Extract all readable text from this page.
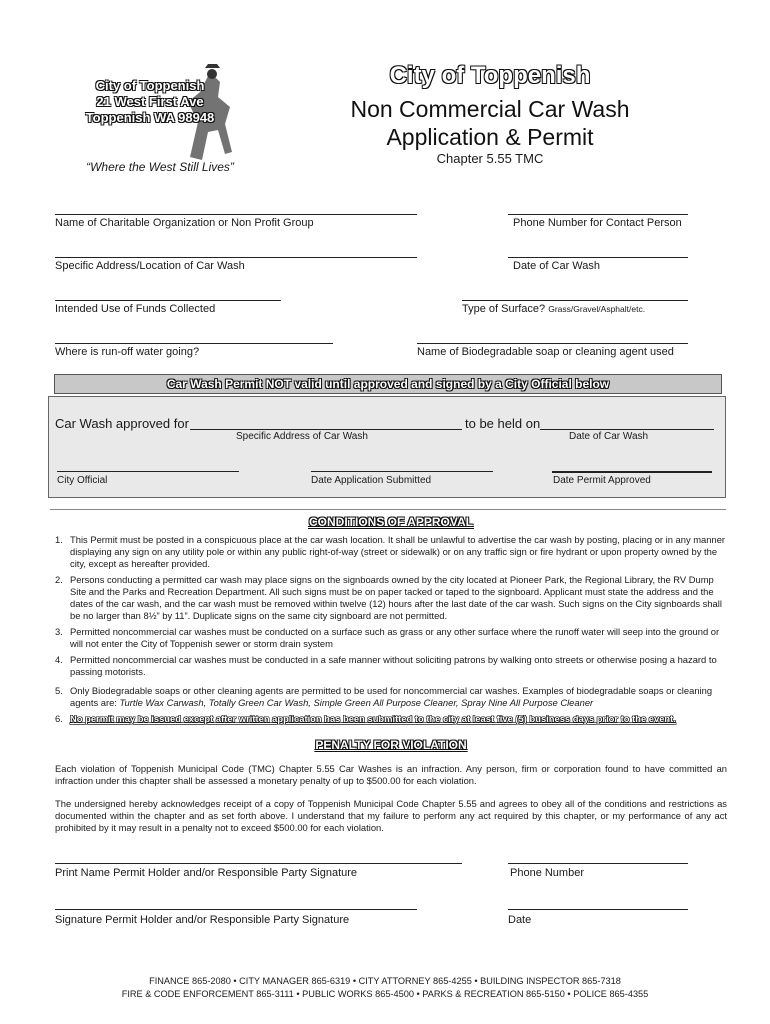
City of Toppenish
21 West First Ave
Toppenish WA 98948
“Where the West Still Lives”
City of Toppenish
Non Commercial Car Wash
Application & Permit
Chapter 5.55 TMC
Name of Charitable Organization or Non Profit Group	Phone Number for Contact Person
Specific Address/Location of Car Wash	Date of Car Wash
Intended Use of Funds Collected	Type of Surface? Grass/Gravel/Asphalt/etc.
Where is run-off water going?	Name of Biodegradable soap or cleaning agent used
Car Wash Permit NOT valid until approved and signed by a City Official below
Car Wash approved for	to be held on
Specific Address of Car Wash	Date of Car Wash
City Official	Date Application Submitted	Date Permit Approved
CONDITIONS OF APPROVAL
1. This Permit must be posted in a conspicuous place at the car wash location. It shall be unlawful to advertise the car wash by posting, placing or in any manner displaying any sign on any utility pole or within any public right-of-way (street or sidewalk) or on any traffic sign or fire hydrant or upon property owned by the city, except as hereafter provided.
2. Persons conducting a permitted car wash may place signs on the signboards owned by the city located at Pioneer Park, the Regional Library, the RV Dump Site and the Parks and Recreation Department. All such signs must be on paper tacked or taped to the signboard. Applicant must state the address and the dates of the car wash, and the car wash must be removed within twelve (12) hours after the last date of the car wash. Such signs on the City signboards shall be no larger than 8½” by 11”. Duplicate signs on the same city signboard are not permitted.
3. Permitted noncommercial car washes must be conducted on a surface such as grass or any other surface where the runoff water will seep into the ground or will not enter the City of Toppenish sewer or storm drain system
4. Permitted noncommercial car washes must be conducted in a safe manner without soliciting patrons by walking onto streets or otherwise posing a hazard to passing motorists.
5. Only Biodegradable soaps or other cleaning agents are permitted to be used for noncommercial car washes. Examples of biodegradable soaps or cleaning agents are: Turtle Wax Carwash, Totally Green Car Wash, Simple Green All Purpose Cleaner, Spray Nine All Purpose Cleaner
6. No permit may be issued except after written application has been submitted to the city at least five (5) business days prior to the event.
PENALTY FOR VIOLATION
Each violation of Toppenish Municipal Code (TMC) Chapter 5.55 Car Washes is an infraction. Any person, firm or corporation found to have committed an infraction under this chapter shall be assessed a monetary penalty of up to $500.00 for each violation.
The undersigned hereby acknowledges receipt of a copy of Toppenish Municipal Code Chapter 5.55 and agrees to obey all of the conditions and restrictions as documented within the chapter and as set forth above. I understand that my failure to perform any act required by this chapter, or my performance of any act prohibited by it may result in a penalty not to exceed $500.00 for each violation.
Print Name Permit Holder and/or Responsible Party Signature	Phone Number
Signature Permit Holder and/or Responsible Party Signature	Date
FINANCE 865-2080 • CITY MANAGER 865-6319 • CITY ATTORNEY 865-4255 • BUILDING INSPECTOR 865-7318
FIRE & CODE ENFORCEMENT 865-3111 • PUBLIC WORKS 865-4500 • PARKS & RECREATION 865-5150 • POLICE 865-4355
